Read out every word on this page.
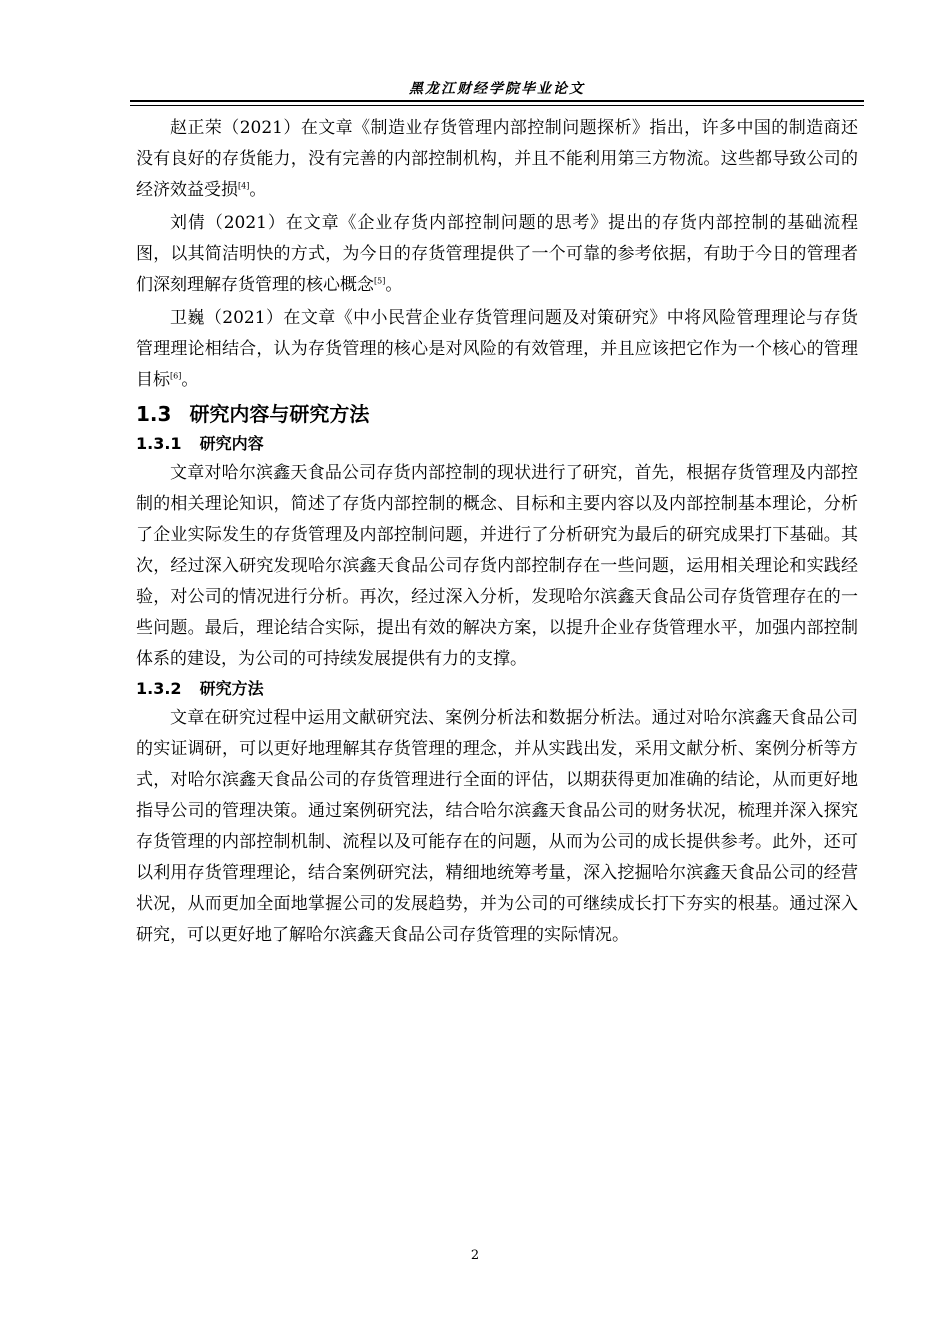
黑龙江财经学院毕业论文

赵正荣（2021）在文章《制造业存货管理内部控制问题探析》指出，许多中国的制造商还没有良好的存货能力，没有完善的内部控制机构，并且不能利用第三方物流。这些都导致公司的经济效益受损[4]。

刘倩（2021）在文章《企业存货内部控制问题的思考》提出的存货内部控制的基础流程图，以其简洁明快的方式，为今日的存货管理提供了一个可靠的参考依据，有助于今日的管理者们深刻理解存货管理的核心概念[5]。

卫巍（2021）在文章《中小民营企业存货管理问题及对策研究》中将风险管理理论与存货管理理论相结合，认为存货管理的核心是对风险的有效管理，并且应该把它作为一个核心的管理目标[6]。

1.3 研究内容与研究方法
1.3.1 研究内容

文章对哈尔滨鑫天食品公司存货内部控制的现状进行了研究，首先，根据存货管理及内部控制的相关理论知识，简述了存货内部控制的概念、目标和主要内容以及内部控制基本理论，分析了企业实际发生的存货管理及内部控制问题，并进行了分析研究为最后的研究成果打下基础。其次，经过深入研究发现哈尔滨鑫天食品公司存货内部控制存在一些问题，运用相关理论和实践经验，对公司的情况进行分析。再次，经过深入分析，发现哈尔滨鑫天食品公司存货管理存在的一些问题。最后，理论结合实际，提出有效的解决方案，以提升企业存货管理水平，加强内部控制体系的建设，为公司的可持续发展提供有力的支撑。

1.3.2 研究方法

文章在研究过程中运用文献研究法、案例分析法和数据分析法。通过对哈尔滨鑫天食品公司的实证调研，可以更好地理解其存货管理的理念，并从实践出发，采用文献分析、案例分析等方式，对哈尔滨鑫天食品公司的存货管理进行全面的评估，以期获得更加准确的结论，从而更好地指导公司的管理决策。通过案例研究法，结合哈尔滨鑫天食品公司的财务状况，梳理并深入探究存货管理的内部控制机制、流程以及可能存在的问题，从而为公司的成长提供参考。此外，还可以利用存货管理理论，结合案例研究法，精细地统筹考量，深入挖掘哈尔滨鑫天食品公司的经营状况，从而更加全面地掌握公司的发展趋势，并为公司的可继续成长打下夯实的根基。通过深入研究，可以更好地了解哈尔滨鑫天食品公司存货管理的实际情况。

2
